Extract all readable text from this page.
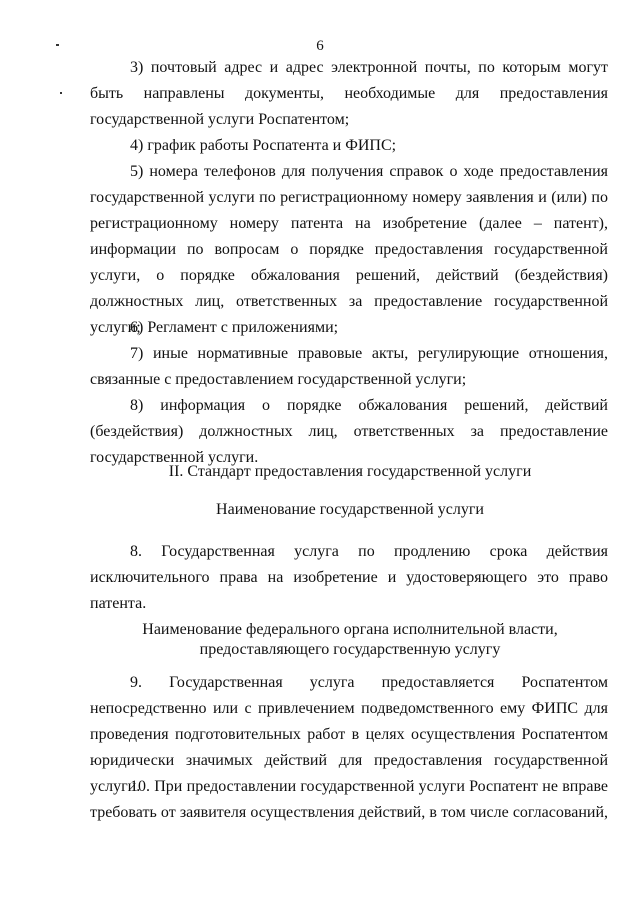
6

3) почтовый адрес и адрес электронной почты, по которым могут быть направлены документы, необходимые для предоставления государственной услуги Роспатентом;

4) график работы Роспатента и ФИПС;

5) номера телефонов для получения справок о ходе предоставления государственной услуги по регистрационному номеру заявления и (или) по регистрационному номеру патента на изобретение (далее – патент), информации по вопросам о порядке предоставления государственной услуги, о порядке обжалования решений, действий (бездействия) должностных лиц, ответственных за предоставление государственной услуги;

6) Регламент с приложениями;

7) иные нормативные правовые акты, регулирующие отношения, связанные с предоставлением государственной услуги;

8) информация о порядке обжалования решений, действий (бездействия) должностных лиц, ответственных за предоставление государственной услуги.

II. Стандарт предоставления государственной услуги
Наименование государственной услуги

8. Государственная услуга по продлению срока действия исключительного права на изобретение и удостоверяющего это право патента.

Наименование федерального органа исполнительной власти,
предоставляющего государственную услугу

9. Государственная услуга предоставляется Роспатентом непосредственно или с привлечением подведомственного ему ФИПС для проведения подготовительных работ в целях осуществления Роспатентом юридически значимых действий для предоставления государственной услуги.

10. При предоставлении государственной услуги Роспатент не вправе требовать от заявителя осуществления действий, в том числе согласований,
